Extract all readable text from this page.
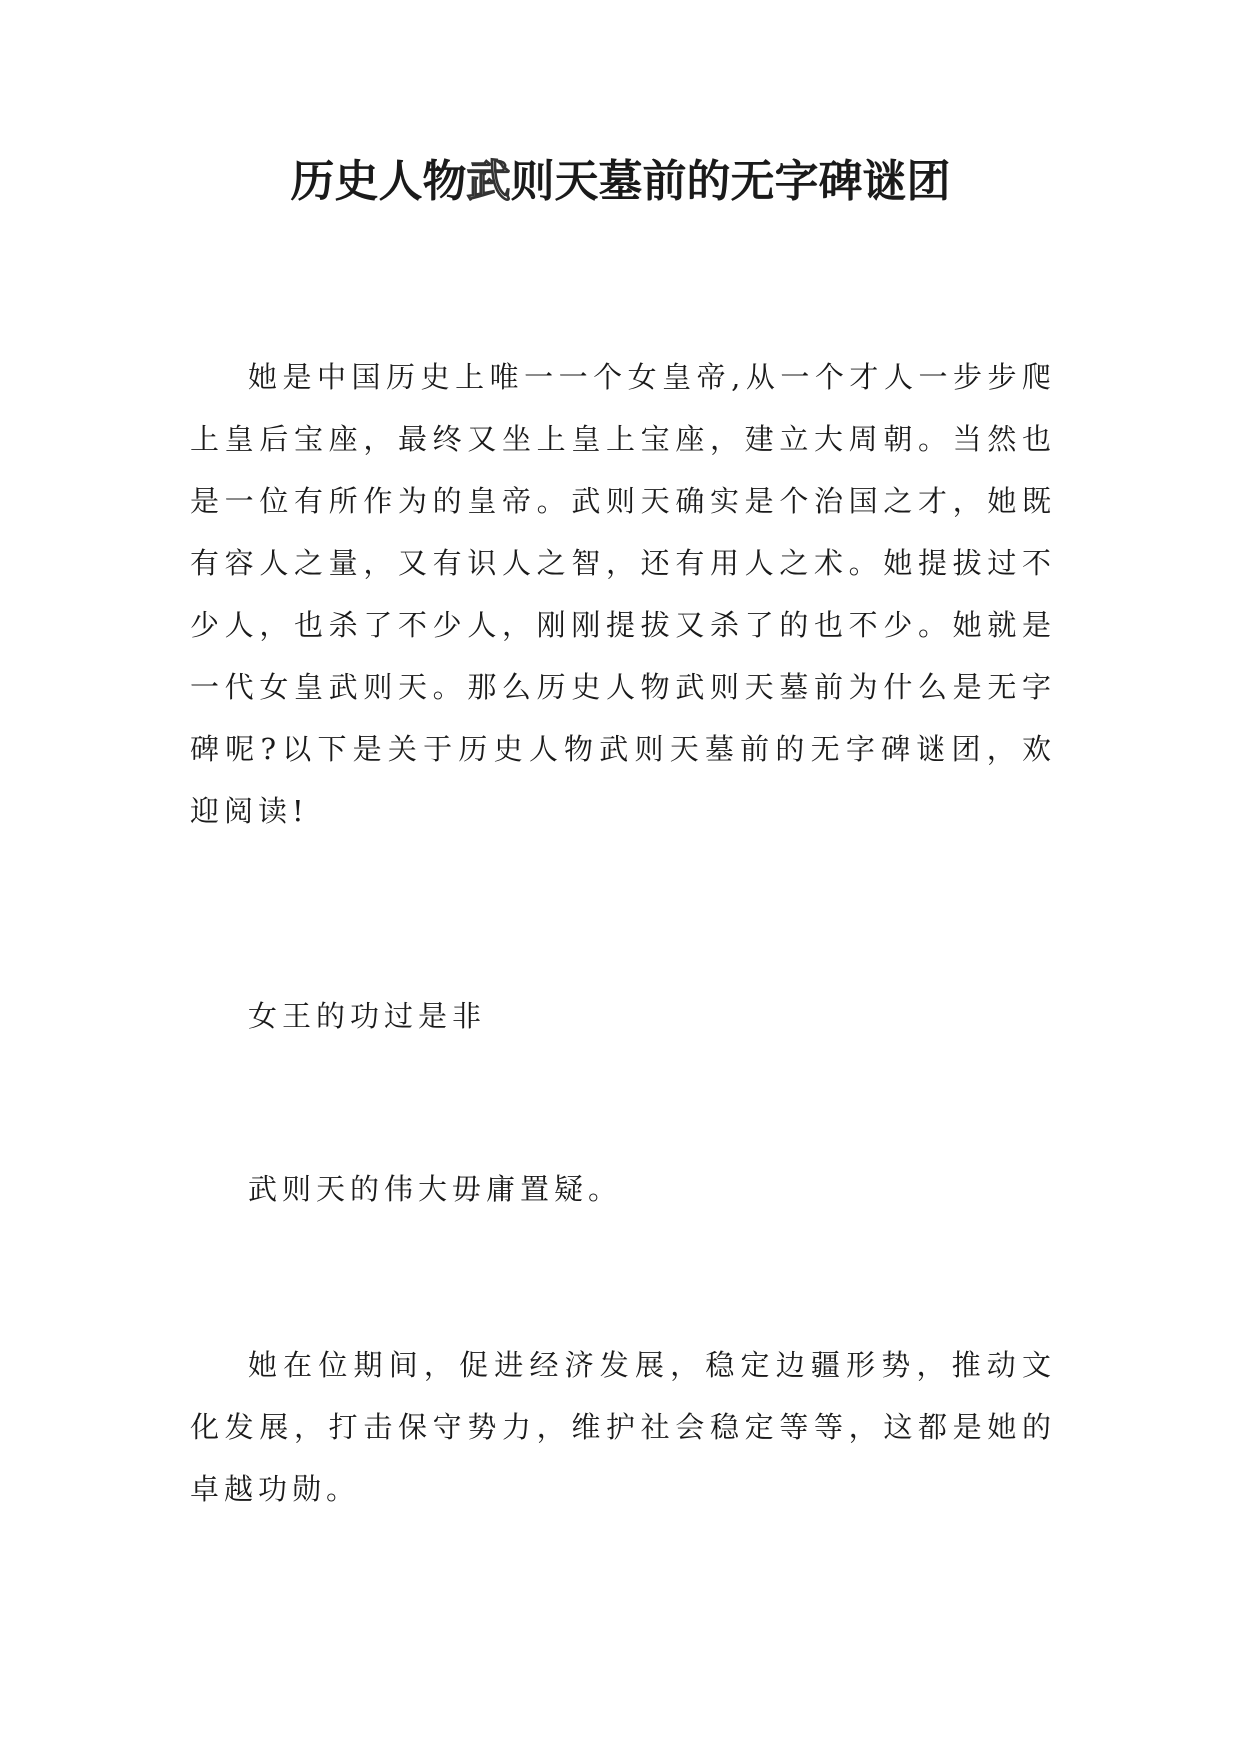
历史人物武则天墓前的无字碑谜团

她是中国历史上唯一一个女皇帝,从一个才人一步步爬上皇后宝座，最终又坐上皇上宝座，建立大周朝。当然也是一位有所作为的皇帝。武则天确实是个治国之才，她既有容人之量，又有识人之智，还有用人之术。她提拔过不少人，也杀了不少人，刚刚提拔又杀了的也不少。她就是一代女皇武则天。那么历史人物武则天墓前为什么是无字碑呢?以下是关于历史人物武则天墓前的无字碑谜团，欢迎阅读!

女王的功过是非

武则天的伟大毋庸置疑。

她在位期间，促进经济发展，稳定边疆形势，推动文化发展，打击保守势力，维护社会稳定等等，这都是她的卓越功勋。
